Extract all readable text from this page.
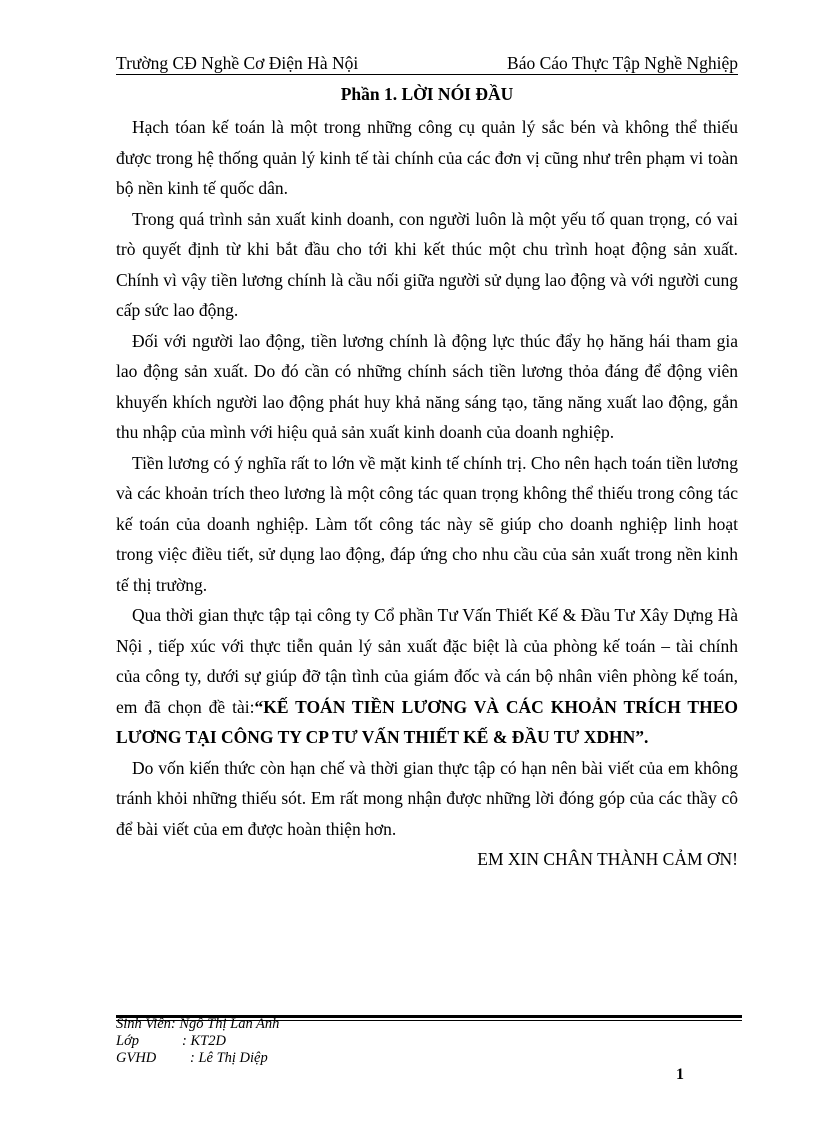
Trường CĐ Nghề Cơ Điện Hà Nội	Báo Cáo Thực Tập Nghề Nghiệp
Phần 1. LỜI NÓI ĐẦU

Hạch tóan kế toán là một trong những công cụ quản lý sắc bén và không thể thiếu được trong hệ thống quản lý kinh tế tài chính của các đơn vị cũng như trên phạm vi toàn bộ nền kinh tế quốc dân.

Trong quá trình sản xuất kinh doanh, con người luôn là một yếu tố quan trọng, có vai trò quyết định từ khi bắt đầu cho tới khi kết thúc một chu trình hoạt động sản xuất. Chính vì vậy tiền lương chính là cầu nối giữa người sử dụng lao động và với người cung cấp sức lao động.

Đối với người lao động, tiền lương chính là động lực thúc đẩy họ hăng hái tham gia lao động sản xuất. Do đó cần có những chính sách tiền lương thỏa đáng để động viên khuyến khích người lao động phát huy khả năng sáng tạo, tăng năng xuất lao động, gắn thu nhập của mình với hiệu quả sản xuất kinh doanh của doanh nghiệp.

Tiền lương có ý nghĩa rất to lớn về mặt kinh tế chính trị. Cho nên hạch toán tiền lương và các khoản trích theo lương là một công tác quan trọng không thể thiếu trong công tác kế toán của doanh nghiệp. Làm tốt công tác này sẽ giúp cho doanh nghiệp linh hoạt trong việc điều tiết, sử dụng lao động, đáp ứng cho nhu cầu của sản xuất trong nền kinh tế thị trường.

Qua thời gian thực tập tại công ty Cổ phần Tư Vấn Thiết Kế & Đầu Tư Xây Dựng Hà Nội , tiếp xúc với thực tiễn quản lý sản xuất đặc biệt là của phòng kế toán – tài chính của công ty, dưới sự giúp đỡ tận tình của giám đốc và cán bộ nhân viên phòng kế toán, em đã chọn đề tài:“KẾ TOÁN TIỀN LƯƠNG VÀ CÁC KHOẢN TRÍCH THEO LƯƠNG TẠI CÔNG TY CP TƯ VẤN THIẾT KẾ & ĐẦU TƯ XDHN”.

Do vốn kiến thức còn hạn chế và thời gian thực tập có hạn nên bài viết của em không tránh khỏi những thiếu sót. Em rất mong nhận được những lời đóng góp của các thầy cô để bài viết của em được hoàn thiện hơn.

EM XIN CHÂN THÀNH CẢM ƠN!

Sinh Viên: Ngô Thị Lan Anh
Lớp	: KT2D
GVHD : Lê Thị Diệp
1
